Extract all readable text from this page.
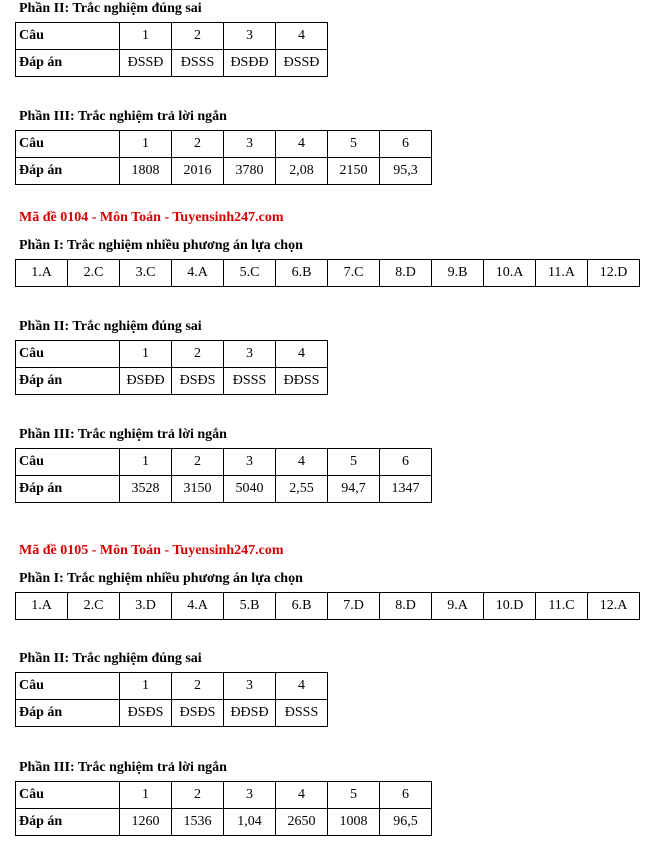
Phần II: Trắc nghiệm đúng sai
Câu	1	2	3	4
Đáp án	ĐSSĐ	ĐSSS	ĐSĐĐ	ĐSSĐ
Phần III: Trắc nghiệm trả lời ngắn
Câu	1	2	3	4	5	6
Đáp án	1808	2016	3780	2,08	2150	95,3
Mã đề 0104 - Môn Toán - Tuyensinh247.com
Phần I: Trắc nghiệm nhiều phương án lựa chọn
1.A	2.C	3.C	4.A	5.C	6.B	7.C	8.D	9.B	10.A	11.A	12.D
Phần II: Trắc nghiệm đúng sai
Câu	1	2	3	4
Đáp án	ĐSĐĐ	ĐSĐS	ĐSSS	ĐĐSS
Phần III: Trắc nghiệm trả lời ngắn
Câu	1	2	3	4	5	6
Đáp án	3528	3150	5040	2,55	94,7	1347
Mã đề 0105 - Môn Toán - Tuyensinh247.com
Phần I: Trắc nghiệm nhiều phương án lựa chọn
1.A	2.C	3.D	4.A	5.B	6.B	7.D	8.D	9.A	10.D	11.C	12.A
Phần II: Trắc nghiệm đúng sai
Câu	1	2	3	4
Đáp án	ĐSĐS	ĐSĐS	ĐĐSĐ	ĐSSS
Phần III: Trắc nghiệm trả lời ngắn
Câu	1	2	3	4	5	6
Đáp án	1260	1536	1,04	2650	1008	96,5
